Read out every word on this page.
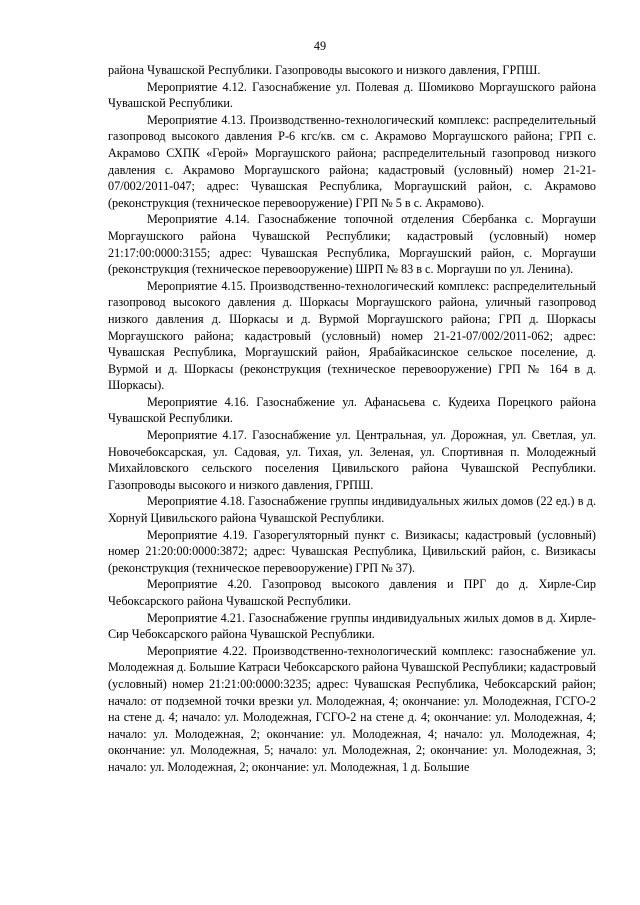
49

района Чувашской Республики. Газопроводы высокого и низкого давления, ГРПШ.

Мероприятие 4.12. Газоснабжение ул. Полевая д. Шомиково Моргаушского района Чувашской Республики.

Мероприятие 4.13. Производственно-технологический комплекс: распределительный газопровод высокого давления Р-6 кгс/кв. см с. Акрамово Моргаушского района; ГРП с. Акрамово СХПК «Герой» Моргаушского района; распределительный газопровод низкого давления с. Акрамово Моргаушского района; кадастровый (условный) номер 21-21-07/002/2011-047; адрес: Чувашская Республика, Моргаушский район, с. Акрамово (реконструкция (техническое перевооружение) ГРП № 5 в с. Акрамово).

Мероприятие 4.14. Газоснабжение топочной отделения Сбербанка с. Моргауши Моргаушского района Чувашской Республики; кадастровый (условный) номер 21:17:00:0000:3155; адрес: Чувашская Республика, Моргаушский район, с. Моргауши (реконструкция (техническое перевооружение) ШРП № 83 в с. Моргауши по ул. Ленина).

Мероприятие 4.15. Производственно-технологический комплекс: распределительный газопровод высокого давления д. Шоркасы Моргаушского района, уличный газопровод низкого давления д. Шоркасы и д. Вурмой Моргаушского района; ГРП д. Шоркасы Моргаушского района; кадастровый (условный) номер 21-21-07/002/2011-062; адрес: Чувашская Республика, Моргаушский район, Ярабайкасинское сельское поселение, д. Вурмой и д. Шоркасы (реконструкция (техническое перевооружение) ГРП № 164 в д. Шоркасы).

Мероприятие 4.16. Газоснабжение ул. Афанасьева с. Кудеиха Порецкого района Чувашской Республики.

Мероприятие 4.17. Газоснабжение ул. Центральная, ул. Дорожная, ул. Светлая, ул. Новочебоксарская, ул. Садовая, ул. Тихая, ул. Зеленая, ул. Спортивная п. Молодежный Михайловского сельского поселения Цивильского района Чувашской Республики. Газопроводы высокого и низкого давления, ГРПШ.

Мероприятие 4.18. Газоснабжение группы индивидуальных жилых домов (22 ед.) в д. Хорнуй Цивильского района Чувашской Республики.

Мероприятие 4.19. Газорегуляторный пункт с. Визикасы; кадастровый (условный) номер 21:20:00:0000:3872; адрес: Чувашская Республика, Цивильский район, с. Визикасы (реконструкция (техническое перевооружение) ГРП № 37).

Мероприятие 4.20. Газопровод высокого давления и ПРГ до д. Хирле-Сир Чебоксарского района Чувашской Республики.

Мероприятие 4.21. Газоснабжение группы индивидуальных жилых домов в д. Хирле-Сир Чебоксарского района Чувашской Республики.

Мероприятие 4.22. Производственно-технологический комплекс: газоснабжение ул. Молодежная д. Большие Катраси Чебоксарского района Чувашской Республики; кадастровый (условный) номер 21:21:00:0000:3235; адрес: Чувашская Республика, Чебоксарский район; начало: от подземной точки врезки ул. Молодежная, 4; окончание: ул. Молодежная, ГСГО-2 на стене д. 4; начало: ул. Молодежная, ГСГО-2 на стене д. 4; окончание: ул. Молодежная, 4; начало: ул. Молодежная, 2; окончание: ул. Молодежная, 4; начало: ул. Молодежная, 4; окончание: ул. Молодежная, 5; начало: ул. Молодежная, 2; окончание: ул. Молодежная, 3; начало: ул. Молодежная, 2; окончание: ул. Молодежная, 1 д. Большие
